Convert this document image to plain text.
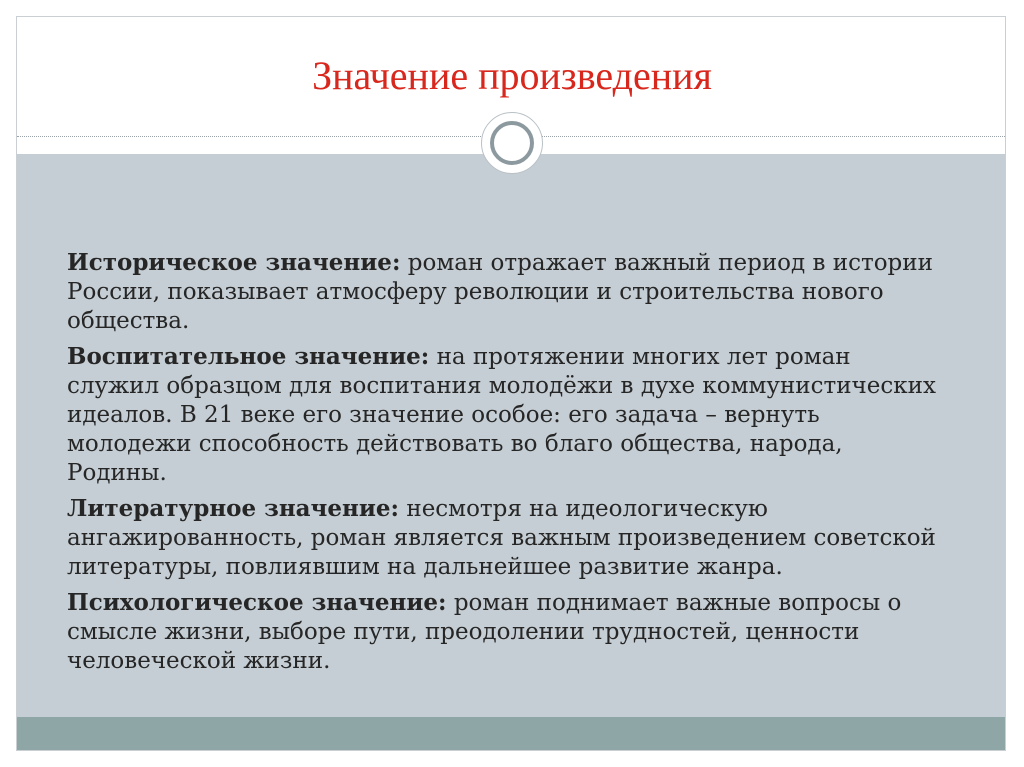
Значение произведения
Историческое значение: роман отражает важный период в истории России, показывает атмосферу революции и строительства нового общества.
Воспитательное значение: на протяжении многих лет роман служил образцом для воспитания молодёжи в духе коммунистических идеалов. В 21 веке его значение особое: его задача – вернуть молодежи способность действовать во благо общества, народа, Родины.
Литературное значение: несмотря на идеологическую ангажированность, роман является важным произведением советской литературы, повлиявшим на дальнейшее развитие жанра.
Психологическое значение: роман поднимает важные вопросы о смысле жизни, выборе пути, преодолении трудностей, ценности человеческой жизни.
